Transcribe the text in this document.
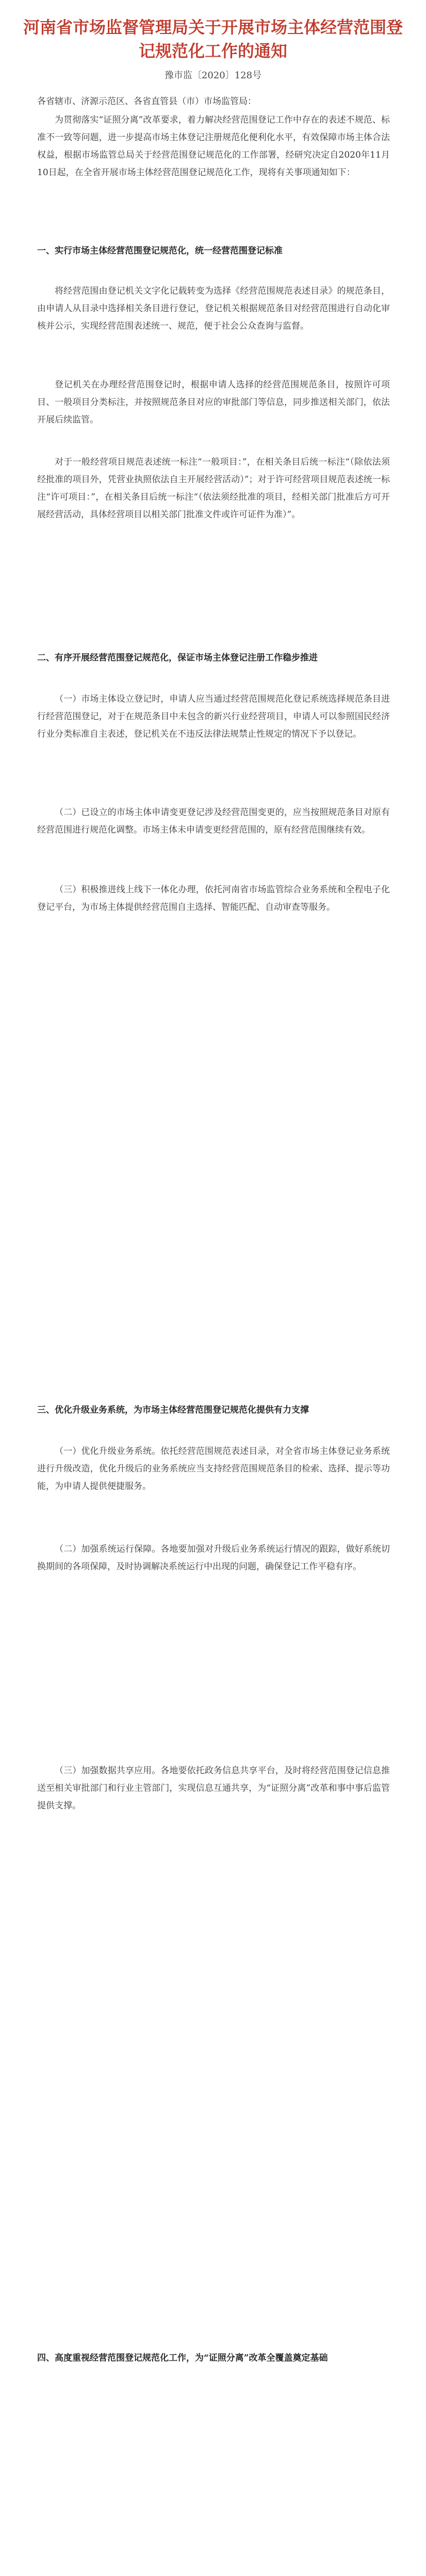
河南省市场监督管理局关于开展市场主体经营范围登记规范化工作的通知
豫市监〔2020〕128号

各省辖市、济源示范区、各省直管县（市）市场监管局：

为贯彻落实“证照分离”改革要求，着力解决经营范围登记工作中存在的表述不规范、标准不一致等问题，进一步提高市场主体登记注册规范化便利化水平，有效保障市场主体合法权益，根据市场监管总局关于经营范围登记规范化的工作部署，经研究决定自2020年11月10日起，在全省开展市场主体经营范围登记规范化工作，现将有关事项通知如下：

一、实行市场主体经营范围登记规范化，统一经营范围登记标准

将经营范围由登记机关文字化记载转变为选择《经营范围规范表述目录》的规范条目，由申请人从目录中选择相关条目进行登记，登记机关根据规范条目对经营范围进行自动化审核并公示，实现经营范围表述统一、规范，便于社会公众查询与监督。

登记机关在办理经营范围登记时，根据申请人选择的经营范围规范条目，按照许可项目、一般项目分类标注，并按照规范条目对应的审批部门等信息，同步推送相关部门，依法开展后续监管。

对于一般经营项目规范表述统一标注“一般项目：”，在相关条目后统一标注“（除依法须经批准的项目外，凭营业执照依法自主开展经营活动）”；对于许可经营项目规范表述统一标注“许可项目：”，在相关条目后统一标注“（依法须经批准的项目，经相关部门批准后方可开展经营活动，具体经营项目以相关部门批准文件或许可证件为准）”。

二、有序开展经营范围登记规范化，保证市场主体登记注册工作稳步推进

（一）市场主体设立登记时，申请人应当通过经营范围规范化登记系统选择规范条目进行经营范围登记，对于在规范条目中未包含的新兴行业经营项目，申请人可以参照国民经济行业分类标准自主表述，登记机关在不违反法律法规禁止性规定的情况下予以登记。

（二）已设立的市场主体申请变更登记涉及经营范围变更的，应当按照规范条目对原有经营范围进行规范化调整。市场主体未申请变更经营范围的，原有经营范围继续有效。

（三）积极推进线上线下一体化办理，依托河南省市场监管综合业务系统和全程电子化登记平台，为市场主体提供经营范围自主选择、智能匹配、自动审查等服务。

三、优化升级业务系统，为市场主体经营范围登记规范化提供有力支撑

（一）优化升级业务系统。依托经营范围规范表述目录，对全省市场主体登记业务系统进行升级改造，优化升级后的业务系统应当支持经营范围规范条目的检索、选择、提示等功能，为申请人提供便捷服务。

（二）加强系统运行保障。各地要加强对升级后业务系统运行情况的跟踪，做好系统切换期间的各项保障，及时协调解决系统运行中出现的问题，确保登记工作平稳有序。

（三）加强数据共享应用。各地要依托政务信息共享平台，及时将经营范围登记信息推送至相关审批部门和行业主管部门，实现信息互通共享，为“证照分离”改革和事中事后监管提供支撑。

四、高度重视经营范围登记规范化工作，为“证照分离”改革全覆盖奠定基础
